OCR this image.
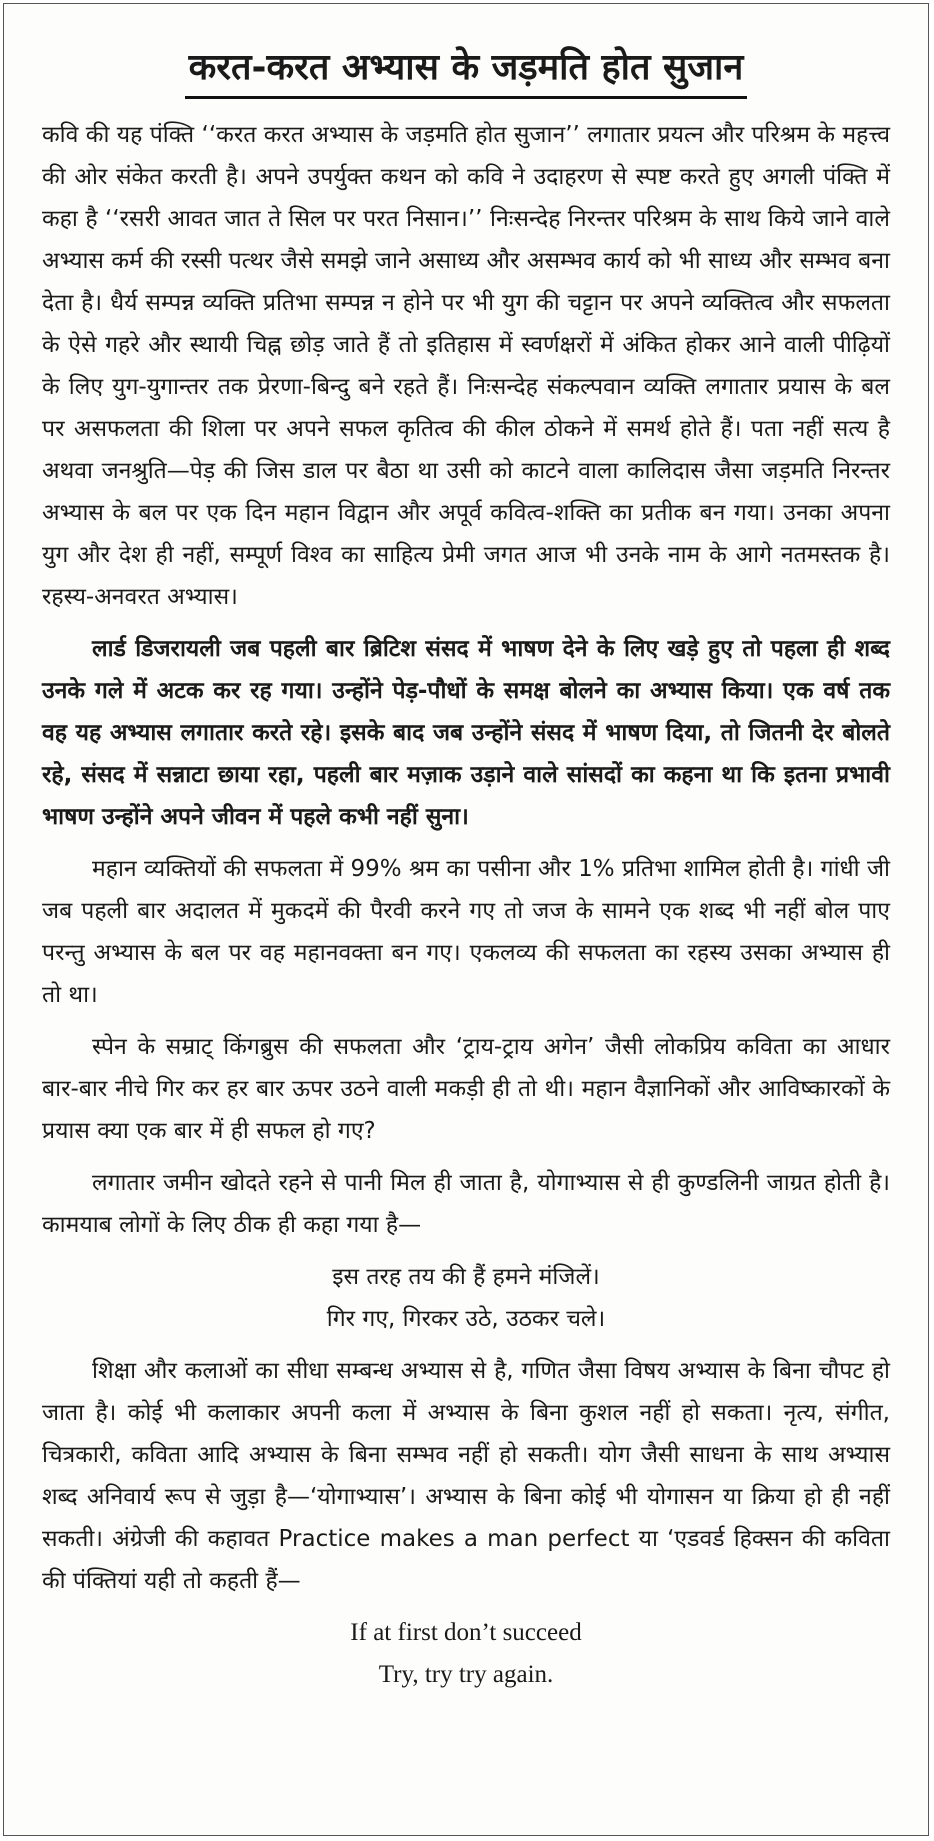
करत-करत अभ्यास के जड़मति होत सुजान

कवि की यह पंक्ति ‘‘करत करत अभ्यास के जड़मति होत सुजान’’ लगातार प्रयत्न और परिश्रम के महत्त्व की ओर संकेत करती है। अपने उपर्युक्त कथन को कवि ने उदाहरण से स्पष्ट करते हुए अगली पंक्ति में कहा है ‘‘रसरी आवत जात ते सिल पर परत निसान।’’ निःसन्देह निरन्तर परिश्रम के साथ किये जाने वाले अभ्यास कर्म की रस्सी पत्थर जैसे समझे जाने असाध्य और असम्भव कार्य को भी साध्य और सम्भव बना देता है। धैर्य सम्पन्न व्यक्ति प्रतिभा सम्पन्न न होने पर भी युग की चट्टान पर अपने व्यक्तित्व और सफलता के ऐसे गहरे और स्थायी चिह्न छोड़ जाते हैं तो इतिहास में स्वर्णक्षरों में अंकित होकर आने वाली पीढ़ियों के लिए युग-युगान्तर तक प्रेरणा-बिन्दु बने रहते हैं। निःसन्देह संकल्पवान व्यक्ति लगातार प्रयास के बल पर असफलता की शिला पर अपने सफल कृतित्व की कील ठोकने में समर्थ होते हैं। पता नहीं सत्य है अथवा जनश्रुति—पेड़ की जिस डाल पर बैठा था उसी को काटने वाला कालिदास जैसा जड़मति निरन्तर अभ्यास के बल पर एक दिन महान विद्वान और अपूर्व कवित्व-शक्ति का प्रतीक बन गया। उनका अपना युग और देश ही नहीं, सम्पूर्ण विश्व का साहित्य प्रेमी जगत आज भी उनके नाम के आगे नतमस्तक है। रहस्य-अनवरत अभ्यास।

लार्ड डिजरायली जब पहली बार ब्रिटिश संसद में भाषण देने के लिए खड़े हुए तो पहला ही शब्द उनके गले में अटक कर रह गया। उन्होंने पेड़-पौधों के समक्ष बोलने का अभ्यास किया। एक वर्ष तक वह यह अभ्यास लगातार करते रहे। इसके बाद जब उन्होंने संसद में भाषण दिया, तो जितनी देर बोलते रहे, संसद में सन्नाटा छाया रहा, पहली बार मज़ाक उड़ाने वाले सांसदों का कहना था कि इतना प्रभावी भाषण उन्होंने अपने जीवन में पहले कभी नहीं सुना।

महान व्यक्तियों की सफलता में 99% श्रम का पसीना और 1% प्रतिभा शामिल होती है। गांधी जी जब पहली बार अदालत में मुकदमें की पैरवी करने गए तो जज के सामने एक शब्द भी नहीं बोल पाए परन्तु अभ्यास के बल पर वह महानवक्ता बन गए। एकलव्य की सफलता का रहस्य उसका अभ्यास ही तो था।

स्पेन के सम्राट् किंगब्रुस की सफलता और ‘ट्राय-ट्राय अगेन’ जैसी लोकप्रिय कविता का आधार बार-बार नीचे गिर कर हर बार ऊपर उठने वाली मकड़ी ही तो थी। महान वैज्ञानिकों और आविष्कारकों के प्रयास क्या एक बार में ही सफल हो गए?

लगातार जमीन खोदते रहने से पानी मिल ही जाता है, योगाभ्यास से ही कुण्डलिनी जाग्रत होती है। कामयाब लोगों के लिए ठीक ही कहा गया है—

इस तरह तय की हैं हमने मंजिलें।
गिर गए, गिरकर उठे, उठकर चले।

शिक्षा और कलाओं का सीधा सम्बन्ध अभ्यास से है, गणित जैसा विषय अभ्यास के बिना चौपट हो जाता है। कोई भी कलाकार अपनी कला में अभ्यास के बिना कुशल नहीं हो सकता। नृत्य, संगीत, चित्रकारी, कविता आदि अभ्यास के बिना सम्भव नहीं हो सकती। योग जैसी साधना के साथ अभ्यास शब्द अनिवार्य रूप से जुड़ा है—‘योगाभ्यास’। अभ्यास के बिना कोई भी योगासन या क्रिया हो ही नहीं सकती। अंग्रेजी की कहावत Practice makes a man perfect या ‘एडवर्ड हिक्सन की कविता की पंक्तियां यही तो कहती हैं—

If at first don’t succeed
Try, try try again.
